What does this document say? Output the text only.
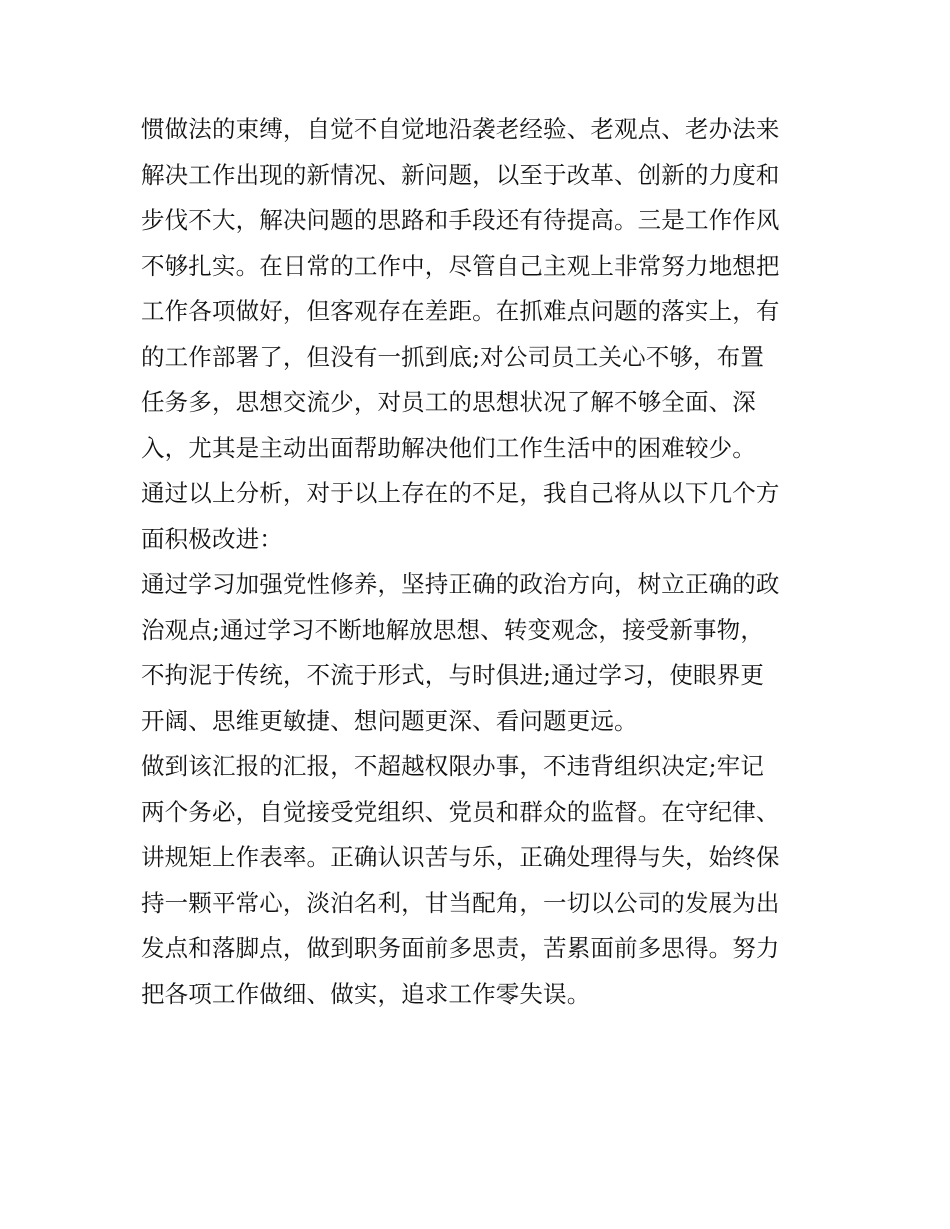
惯做法的束缚，自觉不自觉地沿袭老经验、老观点、老办法来
解决工作出现的新情况、新问题，以至于改革、创新的力度和
步伐不大，解决问题的思路和手段还有待提高。三是工作作风
不够扎实。在日常的工作中，尽管自己主观上非常努力地想把
工作各项做好，但客观存在差距。在抓难点问题的落实上，有
的工作部署了，但没有一抓到底;对公司员工关心不够，布置
任务多，思想交流少，对员工的思想状况了解不够全面、深
入，尤其是主动出面帮助解决他们工作生活中的困难较少。
通过以上分析，对于以上存在的不足，我自己将从以下几个方
面积极改进：
通过学习加强党性修养，坚持正确的政治方向，树立正确的政
治观点;通过学习不断地解放思想、转变观念，接受新事物，
不拘泥于传统，不流于形式，与时俱进;通过学习，使眼界更
开阔、思维更敏捷、想问题更深、看问题更远。
做到该汇报的汇报，不超越权限办事，不违背组织决定;牢记
两个务必，自觉接受党组织、党员和群众的监督。在守纪律、
讲规矩上作表率。正确认识苦与乐，正确处理得与失，始终保
持一颗平常心，淡泊名利，甘当配角，一切以公司的发展为出
发点和落脚点，做到职务面前多思责，苦累面前多思得。努力
把各项工作做细、做实，追求工作零失误。
